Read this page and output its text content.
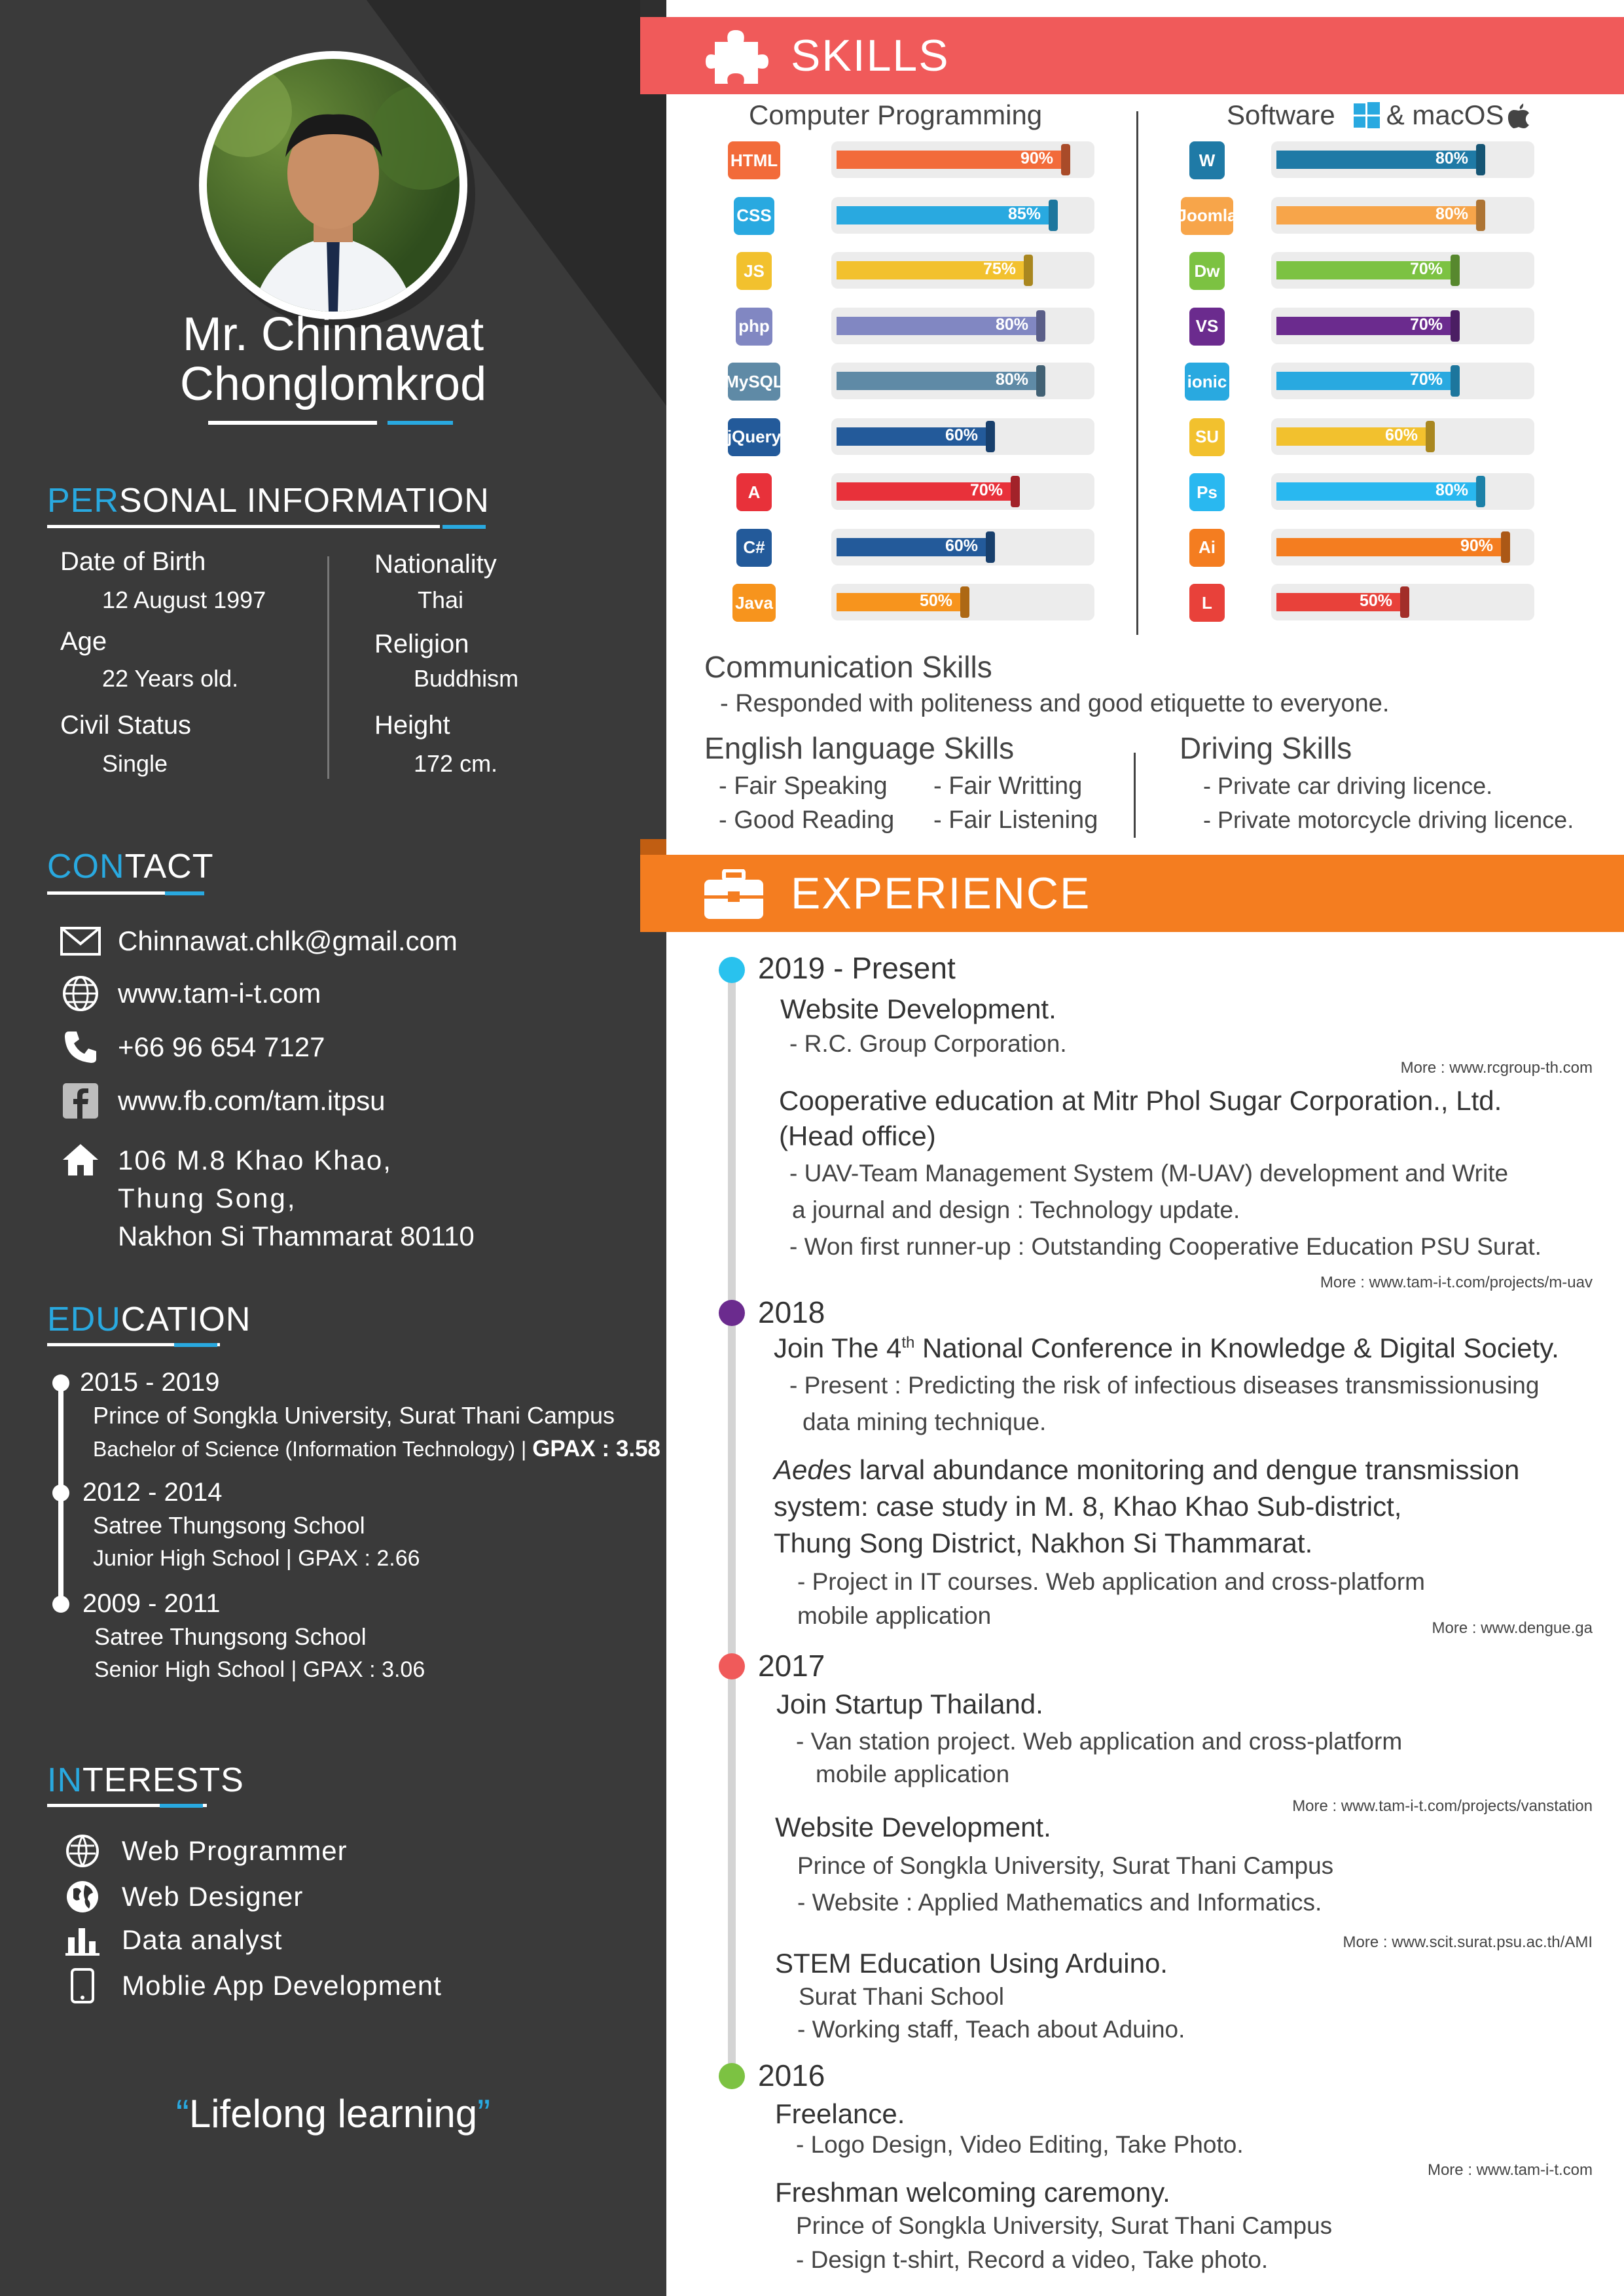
Mr. Chinnawat
Chonglomkrod
PERSONAL INFORMATION
Date of Birth
12 August 1997
Age
22 Years old.
Civil Status
Single
Nationality
Thai
Religion
Buddhism
Height
172 cm.
CONTACT
Chinnawat.chlk@gmail.com
www.tam-i-t.com
+66 96 654 7127
www.fb.com/tam.itpsu
106 M.8 Khao Khao,
Thung Song,
Nakhon Si Thammarat 80110
EDUCATION
2015 - 2019
Prince of Songkla University, Surat Thani Campus
Bachelor of Science (Information Technology) | GPAX : 3.58
2012 - 2014
Satree Thungsong School
Junior High School | GPAX : 2.66
2009 - 2011
Satree Thungsong School
Senior High School | GPAX : 3.06
INTERESTS
Web Programmer
Web Designer
Data analyst
Moblie App Development
“Lifelong learning”
SKILLS
Computer Programming	Software & macOS
HTML	90%
CSS	85%
JS	75%
php	80%
MySQL	80%
jQuery	60%
A	70%
C#	60%
Java	50%
W	80%
Joomla	80%
Dw	70%
VS	70%
ionic	70%
SU	60%
Ps	80%
Ai	90%
L	50%
Communication Skills
- Responded with politeness and good etiquette to everyone.
English language Skills
- Fair Speaking - Fair Writting
- Good Reading - Fair Listening
Driving Skills
- Private car driving licence.
- Private motorcycle driving licence.
EXPERIENCE
2019 - Present
Website Development.
- R.C. Group Corporation.
More : www.rcgroup-th.com
Cooperative education at Mitr Phol Sugar Corporation., Ltd.
(Head office)
- UAV-Team Management System (M-UAV) development and Write
a journal and design : Technology update.
- Won first runner-up : Outstanding Cooperative Education PSU Surat.
More : www.tam-i-t.com/projects/m-uav
2018
Join The 4th National Conference in Knowledge & Digital Society.
- Present : Predicting the risk of infectious diseases transmissionusing
data mining technique.
Aedes larval abundance monitoring and dengue transmission
system: case study in M. 8, Khao Khao Sub-district,
Thung Song District, Nakhon Si Thammarat.
- Project in IT courses. Web application and cross-platform
mobile application	More : www.dengue.ga
2017
Join Startup Thailand.
- Van station project. Web application and cross-platform
mobile application
More : www.tam-i-t.com/projects/vanstation
Website Development.
Prince of Songkla University, Surat Thani Campus
- Website : Applied Mathematics and Informatics.
More : www.scit.surat.psu.ac.th/AMI
STEM Education Using Arduino.
Surat Thani School
- Working staff, Teach about Aduino.
2016
Freelance.
- Logo Design, Video Editing, Take Photo.
More : www.tam-i-t.com
Freshman welcoming caremony.
Prince of Songkla University, Surat Thani Campus
- Design t-shirt, Record a video, Take photo.
